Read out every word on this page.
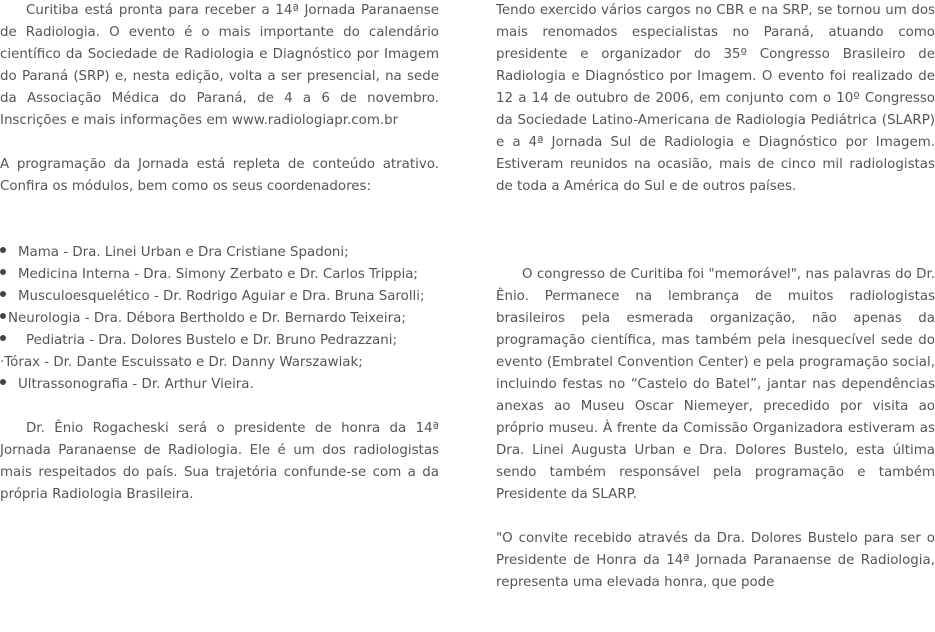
Curitiba está pronta para receber a 14ª Jornada Paranaense de Radiologia. O evento é o mais importante do calendário científico da Sociedade de Radiologia e Diagnóstico por Imagem do Paraná (SRP) e, nesta edição, volta a ser presencial, na sede da Associação Médica do Paraná, de 4 a 6 de novembro. Inscrições e mais informações em www.radiologiapr.com.br

A programação da Jornada está repleta de conteúdo atrativo. Confira os módulos, bem como os seus coordenadores:

Mama - Dra. Linei Urban e Dra Cristiane Spadoni;
Medicina Interna - Dra. Simony Zerbato e Dr. Carlos Trippia;
Musculoesquelético - Dr. Rodrigo Aguiar e Dra. Bruna Sarolli;
Neurologia - Dra. Débora Bertholdo e Dr. Bernardo Teixeira;
Pediatria - Dra. Dolores Bustelo e Dr. Bruno Pedrazzani;
·Tórax - Dr. Dante Escuissato e Dr. Danny Warszawiak;
Ultrassonografia - Dr. Arthur Vieira.

Dr. Ênio Rogacheski será o presidente de honra da 14ª Jornada Paranaense de Radiologia. Ele é um dos radiologistas mais respeitados do país. Sua trajetória confunde-se com a da própria Radiologia Brasileira.

Tendo exercido vários cargos no CBR e na SRP, se tornou um dos mais renomados especialistas no Paraná, atuando como presidente e organizador do 35º Congresso Brasileiro de Radiologia e Diagnóstico por Imagem. O evento foi realizado de 12 a 14 de outubro de 2006, em conjunto com o 10º Congresso da Sociedade Latino-Americana de Radiologia Pediátrica (SLARP) e a 4ª Jornada Sul de Radiologia e Diagnóstico por Imagem. Estiveram reunidos na ocasião, mais de cinco mil radiologistas de toda a América do Sul e de outros países.

O congresso de Curitiba foi "memorável", nas palavras do Dr. Ênio. Permanece na lembrança de muitos radiologistas brasileiros pela esmerada organização, não apenas da programação científica, mas também pela inesquecível sede do evento (Embratel Convention Center) e pela programação social, incluindo festas no “Castelo do Batel”, jantar nas dependências anexas ao Museu Oscar Niemeyer, precedido por visita ao próprio museu. À frente da Comissão Organizadora estiveram as Dra. Linei Augusta Urban e Dra. Dolores Bustelo, esta última sendo também responsável pela programação e também Presidente da SLARP.

"O convite recebido através da Dra. Dolores Bustelo para ser o Presidente de Honra da 14ª Jornada Paranaense de Radiologia, representa uma elevada honra, que pode
